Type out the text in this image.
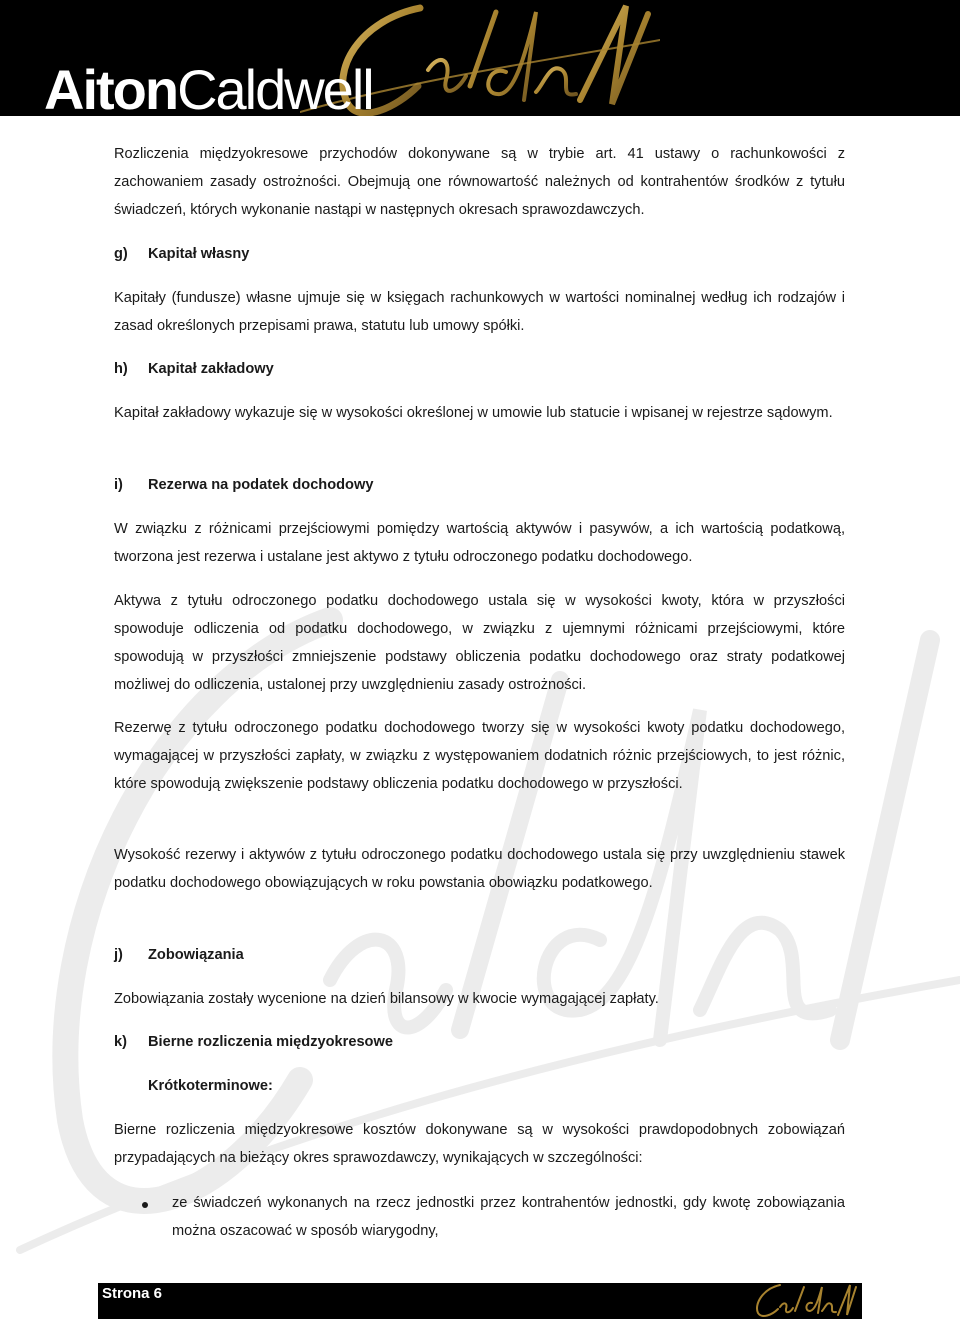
AitonCaldwell
Rozliczenia międzyokresowe przychodów dokonywane są w trybie art. 41 ustawy o rachunkowości z zachowaniem zasady ostrożności. Obejmują one równowartość należnych od kontrahentów środków z tytułu świadczeń, których wykonanie nastąpi w następnych okresach sprawozdawczych.
g) Kapitał własny
Kapitały (fundusze) własne ujmuje się w księgach rachunkowych w wartości nominalnej według ich rodzajów i zasad określonych przepisami prawa, statutu lub umowy spółki.
h) Kapitał zakładowy
Kapitał zakładowy wykazuje się w wysokości określonej w umowie lub statucie i wpisanej w rejestrze sądowym.
i) Rezerwa na podatek dochodowy
W związku z różnicami przejściowymi pomiędzy wartością aktywów i pasywów, a ich wartością podatkową, tworzona jest rezerwa i ustalane jest aktywo z tytułu odroczonego podatku dochodowego.
Aktywa z tytułu odroczonego podatku dochodowego ustala się w wysokości kwoty, która w przyszłości spowoduje odliczenia od podatku dochodowego, w związku z ujemnymi różnicami przejściowymi, które spowodują w przyszłości zmniejszenie podstawy obliczenia podatku dochodowego oraz straty podatkowej możliwej do odliczenia, ustalonej przy uwzględnieniu zasady ostrożności.
Rezerwę z tytułu odroczonego podatku dochodowego tworzy się w wysokości kwoty podatku dochodowego, wymagającej w przyszłości zapłaty, w związku z występowaniem dodatnich różnic przejściowych, to jest różnic, które spowodują zwiększenie podstawy obliczenia podatku dochodowego w przyszłości.
Wysokość rezerwy i aktywów z tytułu odroczonego podatku dochodowego ustala się przy uwzględnieniu stawek podatku dochodowego obowiązujących w roku powstania obowiązku podatkowego.
j) Zobowiązania
Zobowiązania zostały wycenione na dzień bilansowy w kwocie wymagającej zapłaty.
k) Bierne rozliczenia międzyokresowe
Krótkoterminowe:
Bierne rozliczenia międzyokresowe kosztów dokonywane są w wysokości prawdopodobnych zobowiązań przypadających na bieżący okres sprawozdawczy, wynikających w szczególności:
ze świadczeń wykonanych na rzecz jednostki przez kontrahentów jednostki, gdy kwotę zobowiązania można oszacować w sposób wiarygodny,
Strona 6
